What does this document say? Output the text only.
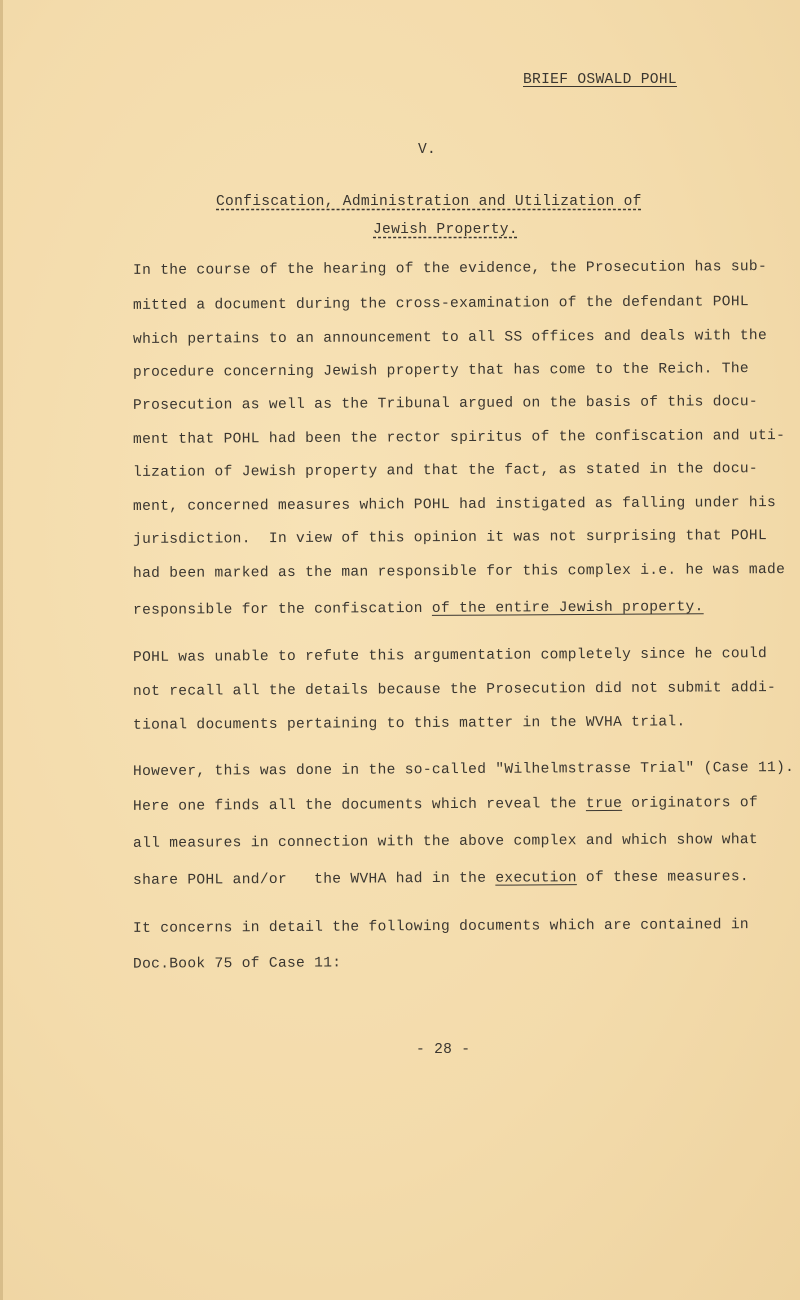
BRIEF OSWALD POHL
V.
Confiscation, Administration and Utilization of
Jewish Property.
In the course of the hearing of the evidence, the Prosecution has sub-
mitted a document during the cross-examination of the defendant POHL
which pertains to an announcement to all SS offices and deals with the
procedure concerning Jewish property that has come to the Reich. The
Prosecution as well as the Tribunal argued on the basis of this docu-
ment that POHL had been the rector spiritus of the confiscation and uti-
lization of Jewish property and that the fact, as stated in the docu-
ment, concerned measures which POHL had instigated as falling under his
jurisdiction.  In view of this opinion it was not surprising that POHL
had been marked as the man responsible for this complex i.e. he was made
responsible for the confiscation of the entire Jewish property.
POHL was unable to refute this argumentation completely since he could
not recall all the details because the Prosecution did not submit addi-
tional documents pertaining to this matter in the WVHA trial.
However, this was done in the so-called "Wilhelmstrasse Trial" (Case 11).
Here one finds all the documents which reveal the true originators of
all measures in connection with the above complex and which show what
share POHL and/or   the WVHA had in the execution of these measures.
It concerns in detail the following documents which are contained in
Doc.Book 75 of Case 11:
- 28 -
